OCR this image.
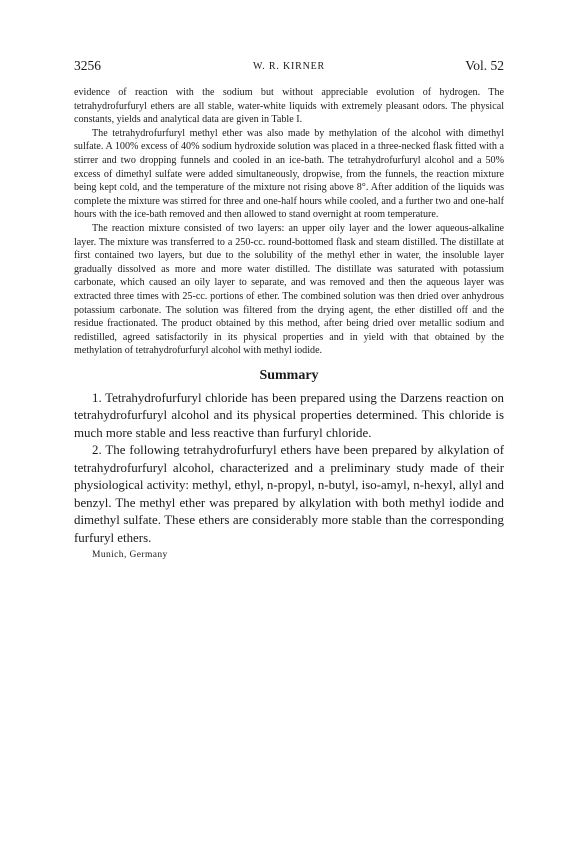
3256	W. R. KIRNER	Vol. 52

evidence of reaction with the sodium but without appreciable evolution of hydrogen. The tetrahydrofurfuryl ethers are all stable, water-white liquids with extremely pleasant odors. The physical constants, yields and analytical data are given in Table I.

The tetrahydrofurfuryl methyl ether was also made by methylation of the alcohol with dimethyl sulfate. A 100% excess of 40% sodium hydroxide solution was placed in a three-necked flask fitted with a stirrer and two dropping funnels and cooled in an ice-bath. The tetrahydrofurfuryl alcohol and a 50% excess of dimethyl sulfate were added simultaneously, dropwise, from the funnels, the reaction mixture being kept cold, and the temperature of the mixture not rising above 8°. After addition of the liquids was complete the mixture was stirred for three and one-half hours while cooled, and a further two and one-half hours with the ice-bath removed and then allowed to stand overnight at room temperature.

The reaction mixture consisted of two layers: an upper oily layer and the lower aqueous-alkaline layer. The mixture was transferred to a 250-cc. round-bottomed flask and steam distilled. The distillate at first contained two layers, but due to the solubility of the methyl ether in water, the insoluble layer gradually dissolved as more and more water distilled. The distillate was saturated with potassium carbonate, which caused an oily layer to separate, and was removed and then the aqueous layer was extracted three times with 25-cc. portions of ether. The combined solution was then dried over anhydrous potassium carbonate. The solution was filtered from the drying agent, the ether distilled off and the residue fractionated. The product obtained by this method, after being dried over metallic sodium and redistilled, agreed satisfactorily in its physical properties and in yield with that obtained by the methylation of tetrahydrofurfuryl alcohol with methyl iodide.

Summary

1. Tetrahydrofurfuryl chloride has been prepared using the Darzens reaction on tetrahydrofurfuryl alcohol and its physical properties determined. This chloride is much more stable and less reactive than furfuryl chloride.

2. The following tetrahydrofurfuryl ethers have been prepared by alkylation of tetrahydrofurfuryl alcohol, characterized and a preliminary study made of their physiological activity: methyl, ethyl, n-propyl, n-butyl, iso-amyl, n-hexyl, allyl and benzyl. The methyl ether was prepared by alkylation with both methyl iodide and dimethyl sulfate. These ethers are considerably more stable than the corresponding furfuryl ethers.

Munich, Germany
